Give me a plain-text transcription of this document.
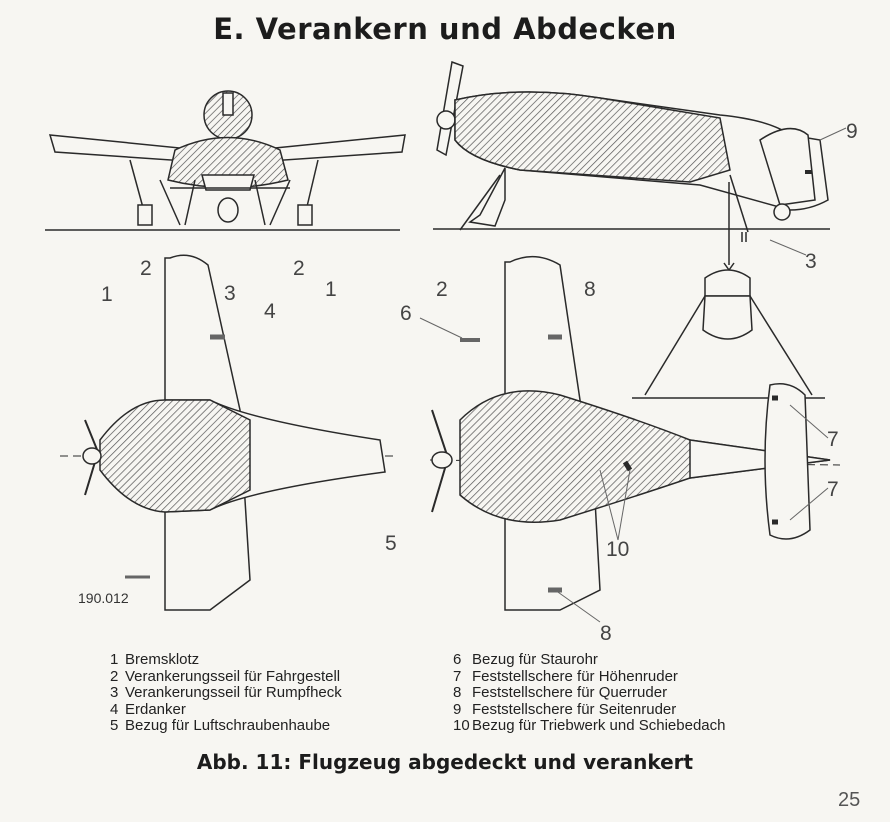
E. Verankern und Abdecken
1
2
3
4
2
1	2
9
3
6
5
8
8
10
7
7
190.012
1 Bremsklotz
2 Verankerungsseil für Fahrgestell
3 Verankerungsseil für Rumpfheck
4 Erdanker
5 Bezug für Luftschraubenhaube
6 Bezug für Staurohr
7 Feststellschere für Höhenruder
8 Feststellschere für Querruder
9 Feststellschere für Seitenruder
10 Bezug für Triebwerk und Schiebedach
Abb. 11: Flugzeug abgedeckt und verankert
25
